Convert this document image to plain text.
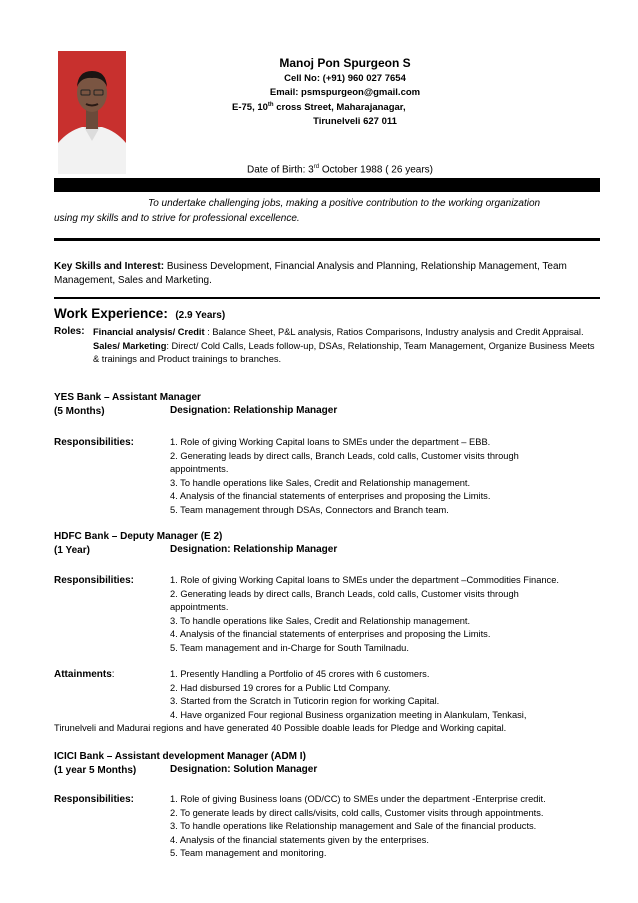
Manoj Pon Spurgeon S
Cell No: (+91) 960 027 7654
Email: psmspurgeon@gmail.com
E-75, 10th cross Street, Maharajanagar,
Tirunelveli 627 011
Date of Birth: 3rd October 1988 ( 26 years)
To undertake challenging jobs, making a positive contribution to the working organization
using my skills and to strive for professional excellence.
Key Skills and Interest: Business Development, Financial Analysis and Planning, Relationship Management, Team Management, Sales and Marketing.
Work Experience: (2.9 Years)
Roles: Financial analysis/ Credit : Balance Sheet, P&L analysis, Ratios Comparisons, Industry analysis and Credit Appraisal.
Sales/ Marketing: Direct/ Cold Calls, Leads follow-up, DSAs, Relationship, Team Management, Organize Business Meets & trainings and Product trainings to branches.
YES Bank – Assistant Manager
(5 Months)	Designation: Relationship Manager
Responsibilities:	1. Role of giving Working Capital loans to SMEs under the department – EBB.
2. Generating leads by direct calls, Branch Leads, cold calls, Customer visits through appointments.
3. To handle operations like Sales, Credit and Relationship management.
4. Analysis of the financial statements of enterprises and proposing the Limits.
5. Team management through DSAs, Connectors and Branch team.
HDFC Bank – Deputy Manager (E 2)
(1 Year)	Designation: Relationship Manager
Responsibilities:	1. Role of giving Working Capital loans to SMEs under the department –Commodities Finance.
2. Generating leads by direct calls, Branch Leads, cold calls, Customer visits through appointments.
3. To handle operations like Sales, Credit and Relationship management.
4. Analysis of the financial statements of enterprises and proposing the Limits.
5. Team management and in-Charge for South Tamilnadu.
Attainments:	1. Presently Handling a Portfolio of 45 crores with 6 customers.
2. Had disbursed 19 crores for a Public Ltd Company.
3. Started from the Scratch in Tuticorin region for working Capital.
4. Have organized Four regional Business organization meeting in Alankulam, Tenkasi,
Tirunelveli and Madurai regions and have generated 40 Possible doable leads for Pledge and Working capital.
ICICI Bank – Assistant development Manager (ADM I)
(1 year 5 Months)	Designation: Solution Manager
Responsibilities:	1. Role of giving Business loans (OD/CC) to SMEs under the department -Enterprise credit.
2. To generate leads by direct calls/visits, cold calls, Customer visits through appointments.
3. To handle operations like Relationship management and Sale of the financial products.
4. Analysis of the financial statements given by the enterprises.
5. Team management and monitoring.
